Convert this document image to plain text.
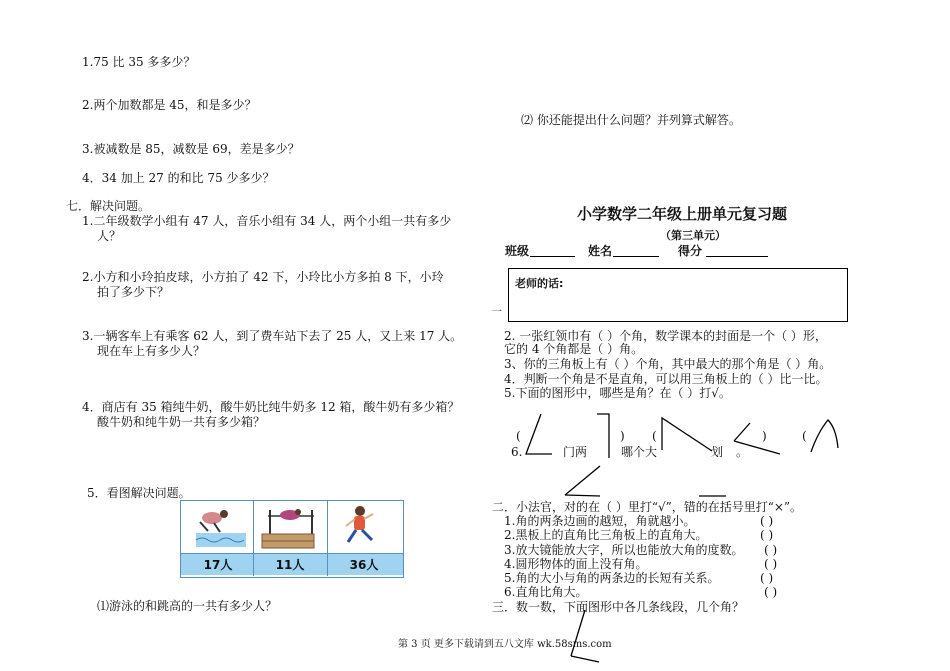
1.75 比 35 多多少？
2.两个加数都是 45，和是多少？
3.被减数是 85，减数是 69，差是多少？
4．34 加上 27 的和比 75 少多少？
七．解决问题。
1.二年级数学小组有 47 人，音乐小组有 34 人，两个小组一共有多少
人？
2.小方和小玲拍皮球，小方拍了 42 下，小玲比小方多拍 8 下，小玲
拍了多少下？
3.一辆客车上有乘客 62 人，到了费车站下去了 25 人，又上来 17 人。
现在车上有多少人？
4．商店有 35 箱纯牛奶，酸牛奶比纯牛奶多 12 箱，酸牛奶有多少箱？
酸牛奶和纯牛奶一共有多少箱？
5．看图解决问题。
17人	11人	36人
⑴游泳的和跳高的一共有多少人？
⑵ 你还能提出什么问题？并列算式解答。
小学数学二年级上册单元复习题
（第三单元）
班级	姓名	得分
老师的话:
一
2. 一张红领巾有（ ）个角，数学课本的封面是一个（ ）形，
它的 4 个角都是（ ）角。
3、你的三角板上有（ ）个角，其中最大的那个角是（ ）角。
4．判断一个角是不是直角，可以用三角板上的（ ）比一比。
5.下面的图形中，哪些是角？在（ ）打√。
(	) (	)	(
6.	门两	哪个大	划 。
二．小法官，对的在（ ）里打“√”，错的在括号里打“×”。
1.角的两条边画的越短，角就越小。	( )
2.黑板上的直角比三角板上的直角大。	( )
3.放大镜能放大字，所以也能放大角的度数。 ( )
4.圆形物体的面上没有角。	( )
5.角的大小与角的两条边的长短有关系。	( )
6.直角比角大。	( )
三．数一数，下面图形中各几条线段，几个角？
第 3 页 更多下载请到五八文库 wk.58sms.com
